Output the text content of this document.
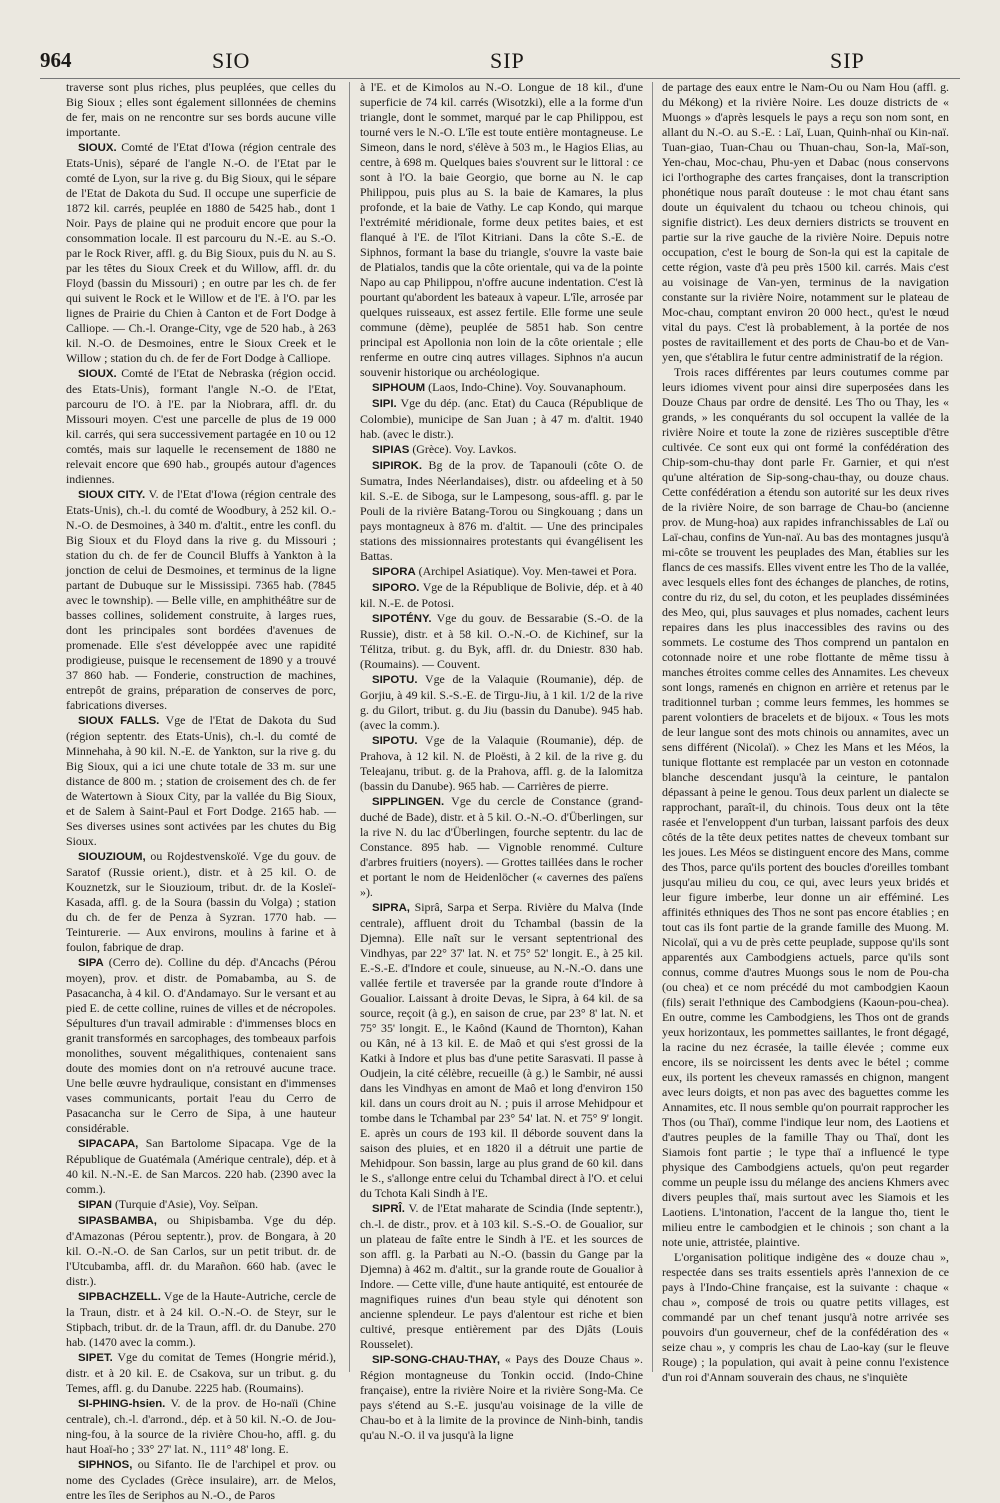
964	SIO	SIP	SIP

traverse sont plus riches, plus peuplées, que celles du Big Sioux ; elles sont également sillonnées de chemins de fer, mais on ne rencontre sur ses bords aucune ville importante.

SIOUX. Comté de l'Etat d'Iowa (région centrale des Etats-Unis), séparé de l'angle N.-O. de l'Etat par le comté de Lyon, sur la rive g. du Big Sioux, qui le sépare de l'Etat de Dakota du Sud. Il occupe une superficie de 1872 kil. carrés, peuplée en 1880 de 5425 hab., dont 1 Noir. Pays de plaine qui ne produit encore que pour la consommation locale. Il est parcouru du N.-E. au S.-O. par le Rock River, affl. g. du Big Sioux, puis du N. au S. par les têtes du Sioux Creek et du Willow, affl. dr. du Floyd (bassin du Missouri) ; en outre par les ch. de fer qui suivent le Rock et le Willow et de l'E. à l'O. par les lignes de Prairie du Chien à Canton et de Fort Dodge à Calliope. — Ch.-l. Orange-City, vge de 520 hab., à 263 kil. N.-O. de Desmoines, entre le Sioux Creek et le Willow ; station du ch. de fer de Fort Dodge à Calliope.

SIOUX. Comté de l'Etat de Nebraska (région occid. des Etats-Unis), formant l'angle N.-O. de l'Etat, parcouru de l'O. à l'E. par la Niobrara, affl. dr. du Missouri moyen. C'est une parcelle de plus de 19 000 kil. carrés, qui sera successivement partagée en 10 ou 12 comtés, mais sur laquelle le recensement de 1880 ne relevait encore que 690 hab., groupés autour d'agences indiennes.

SIOUX CITY. V. de l'Etat d'Iowa (région centrale des Etats-Unis), ch.-l. du comté de Woodbury, à 252 kil. O.-N.-O. de Desmoines, à 340 m. d'altit., entre les confl. du Big Sioux et du Floyd dans la rive g. du Missouri ; station du ch. de fer de Council Bluffs à Yankton à la jonction de celui de Desmoines, et terminus de la ligne partant de Dubuque sur le Mississipi. 7365 hab. (7845 avec le township). — Belle ville, en amphithéâtre sur de basses collines, solidement construite, à larges rues, dont les principales sont bordées d'avenues de promenade. Elle s'est développée avec une rapidité prodigieuse, puisque le recensement de 1890 y a trouvé 37 860 hab. — Fonderie, construction de machines, entrepôt de grains, préparation de conserves de porc, fabrications diverses.

SIOUX FALLS. Vge de l'Etat de Dakota du Sud (région septentr. des Etats-Unis), ch.-l. du comté de Minnehaha, à 90 kil. N.-E. de Yankton, sur la rive g. du Big Sioux, qui a ici une chute totale de 33 m. sur une distance de 800 m. ; station de croisement des ch. de fer de Watertown à Sioux City, par la vallée du Big Sioux, et de Salem à Saint-Paul et Fort Dodge. 2165 hab. — Ses diverses usines sont activées par les chutes du Big Sioux.

SIOUZIOUM, ou Rojdestvenskoïé. Vge du gouv. de Saratof (Russie orient.), distr. et à 25 kil. O. de Kouznetzk, sur le Siouzioum, tribut. dr. de la Kosleï-Kasada, affl. g. de la Soura (bassin du Volga) ; station du ch. de fer de Penza à Syzran. 1770 hab. — Teinturerie. — Aux environs, moulins à farine et à foulon, fabrique de drap.

SIPA (Cerro de). Colline du dép. d'Ancachs (Pérou moyen), prov. et distr. de Pomabamba, au S. de Pasacancha, à 4 kil. O. d'Andamayo. Sur le versant et au pied E. de cette colline, ruines de villes et de nécropoles. Sépultures d'un travail admirable : d'immenses blocs en granit transformés en sarcophages, des tombeaux parfois monolithes, souvent mégalithiques, contenaient sans doute des momies dont on n'a retrouvé aucune trace. Une belle œuvre hydraulique, consistant en d'immenses vases communicants, portait l'eau du Cerro de Pasacancha sur le Cerro de Sipa, à une hauteur considérable.

SIPACAPA, San Bartolome Sipacapa. Vge de la République de Guatémala (Amérique centrale), dép. et à 40 kil. N.-N.-E. de San Marcos. 220 hab. (2390 avec la comm.).

SIPAN (Turquie d'Asie), Voy. Seïpan.

SIPASBAMBA, ou Shipisbamba. Vge du dép. d'Amazonas (Pérou septentr.), prov. de Bongara, à 20 kil. O.-N.-O. de San Carlos, sur un petit tribut. dr. de l'Utcubamba, affl. dr. du Marañon. 660 hab. (avec le distr.).

SIPBACHZELL. Vge de la Haute-Autriche, cercle de la Traun, distr. et à 24 kil. O.-N.-O. de Steyr, sur le Stipbach, tribut. dr. de la Traun, affl. dr. du Danube. 270 hab. (1470 avec la comm.).

SIPET. Vge du comitat de Temes (Hongrie mérid.), distr. et à 20 kil. E. de Csakova, sur un tribut. g. du Temes, affl. g. du Danube. 2225 hab. (Roumains).

SI-PHING-hsien. V. de la prov. de Ho-naïi (Chine centrale), ch.-l. d'arrond., dép. et à 50 kil. N.-O. de Jou-ning-fou, à la source de la rivière Chou-ho, affl. g. du haut Hoaï-ho ; 33° 27' lat. N., 111° 48' long. E.

SIPHNOS, ou Sifanto. Ile de l'archipel et prov. ou nome des Cyclades (Grèce insulaire), arr. de Melos, entre les îles de Seriphos au N.-O., de Paros

à l'E. et de Kimolos au N.-O. Longue de 18 kil., d'une superficie de 74 kil. carrés (Wisotzki), elle a la forme d'un triangle, dont le sommet, marqué par le cap Philippou, est tourné vers le N.-O. L'île est toute entière montagneuse. Le Simeon, dans le nord, s'élève à 503 m., le Hagios Elias, au centre, à 698 m. Quelques baies s'ouvrent sur le littoral : ce sont à l'O. la baie Georgio, que borne au N. le cap Philippou, puis plus au S. la baie de Kamares, la plus profonde, et la baie de Vathy. Le cap Kondo, qui marque l'extrémité méridionale, forme deux petites baies, et est flanqué à l'E. de l'îlot Kitriani. Dans la côte S.-E. de Siphnos, formant la base du triangle, s'ouvre la vaste baie de Platialos, tandis que la côte orientale, qui va de la pointe Napo au cap Philippou, n'offre aucune indentation. C'est là pourtant qu'abordent les bateaux à vapeur. L'île, arrosée par quelques ruisseaux, est assez fertile. Elle forme une seule commune (dème), peuplée de 5851 hab. Son centre principal est Apollonia non loin de la côte orientale ; elle renferme en outre cinq autres villages. Siphnos n'a aucun souvenir historique ou archéologique.

SIPHOUM (Laos, Indo-Chine). Voy. Souvanaphoum.

SIPI. Vge du dép. (anc. Etat) du Cauca (République de Colombie), municipe de San Juan ; à 47 m. d'altit. 1940 hab. (avec le distr.).

SIPIAS (Grèce). Voy. Lavkos.

SIPIROK. Bg de la prov. de Tapanouli (côte O. de Sumatra, Indes Néerlandaises), distr. ou afdeeling et à 50 kil. S.-E. de Siboga, sur le Lampesong, sous-affl. g. par le Pouli de la rivière Batang-Torou ou Singkouang ; dans un pays montagneux à 876 m. d'altit. — Une des principales stations des missionnaires protestants qui évangélisent les Battas.

SIPORA (Archipel Asiatique). Voy. Men-tawei et Pora.

SIPORO. Vge de la République de Bolivie, dép. et à 40 kil. N.-E. de Potosi.

SIPOTÉNY. Vge du gouv. de Bessarabie (S.-O. de la Russie), distr. et à 58 kil. O.-N.-O. de Kichinef, sur la Télitza, tribut. g. du Byk, affl. dr. du Dniestr. 830 hab. (Roumains). — Couvent.

SIPOTU. Vge de la Valaquie (Roumanie), dép. de Gorjiu, à 49 kil. S.-S.-E. de Tirgu-Jiu, à 1 kil. 1/2 de la rive g. du Gilort, tribut. g. du Jiu (bassin du Danube). 945 hab. (avec la comm.).

SIPOTU. Vge de la Valaquie (Roumanie), dép. de Prahova, à 12 kil. N. de Ploësti, à 2 kil. de la rive g. du Teleajanu, tribut. g. de la Prahova, affl. g. de la Ialomitza (bassin du Danube). 965 hab. — Carrières de pierre.

SIPPLINGEN. Vge du cercle de Constance (grand-duché de Bade), distr. et à 5 kil. O.-N.-O. d'Überlingen, sur la rive N. du lac d'Überlingen, fourche septentr. du lac de Constance. 895 hab. — Vignoble renommé. Culture d'arbres fruitiers (noyers). — Grottes taillées dans le rocher et portant le nom de Heidenlöcher (« cavernes des païens »).

SIPRA, Siprâ, Sarpa et Serpa. Rivière du Malva (Inde centrale), affluent droit du Tchambal (bassin de la Djemna). Elle naît sur le versant septentrional des Vindhyas, par 22° 37' lat. N. et 75° 52' longit. E., à 25 kil. E.-S.-E. d'Indore et coule, sinueuse, au N.-N.-O. dans une vallée fertile et traversée par la grande route d'Indore à Goualior. Laissant à droite Devas, le Sipra, à 64 kil. de sa source, reçoit (à g.), en saison de crue, par 23° 8' lat. N. et 75° 35' longit. E., le Kaônd (Kaund de Thornton), Kahan ou Kân, né à 13 kil. E. de Maô et qui s'est grossi de la Katki à Indore et plus bas d'une petite Sarasvati. Il passe à Oudjein, la cité célèbre, recueille (à g.) le Sambir, né aussi dans les Vindhyas en amont de Maô et long d'environ 150 kil. dans un cours droit au N. ; puis il arrose Mehidpour et tombe dans le Tchambal par 23° 54' lat. N. et 75° 9' longit. E. après un cours de 193 kil. Il déborde souvent dans la saison des pluies, et en 1820 il a détruit une partie de Mehidpour. Son bassin, large au plus grand de 60 kil. dans le S., s'allonge entre celui du Tchambal direct à l'O. et celui du Tchota Kali Sindh à l'E.

SIPRÎ. V. de l'Etat maharate de Scindia (Inde septentr.), ch.-l. de distr., prov. et à 103 kil. S.-S.-O. de Goualior, sur un plateau de faîte entre le Sindh à l'E. et les sources de son affl. g. la Parbati au N.-O. (bassin du Gange par la Djemna) à 462 m. d'altit., sur la grande route de Goualior à Indore. — Cette ville, d'une haute antiquité, est entourée de magnifiques ruines d'un beau style qui dénotent son ancienne splendeur. Le pays d'alentour est riche et bien cultivé, presque entièrement par des Djâts (Louis Rousselet).

SIP-SONG-CHAU-THAY, « Pays des Douze Chaus ». Région montagneuse du Tonkin occid. (Indo-Chine française), entre la rivière Noire et la rivière Song-Ma. Ce pays s'étend au S.-E. jusqu'au voisinage de la ville de Chau-bo et à la limite de la province de Ninh-binh, tandis qu'au N.-O. il va jusqu'à la ligne

de partage des eaux entre le Nam-Ou ou Nam Hou (affl. g. du Mékong) et la rivière Noire. Les douze districts de « Muongs » d'après lesquels le pays a reçu son nom sont, en allant du N.-O. au S.-E. : Laï, Luan, Quinh-nhaï ou Kin-naï. Tuan-giao, Tuan-Chau ou Thuan-chau, Son-la, Maï-son, Yen-chau, Moc-chau, Phu-yen et Dabac (nous conservons ici l'orthographe des cartes françaises, dont la transcription phonétique nous paraît douteuse : le mot chau étant sans doute un équivalent du tchaou ou tcheou chinois, qui signifie district). Les deux derniers districts se trouvent en partie sur la rive gauche de la rivière Noire. Depuis notre occupation, c'est le bourg de Son-la qui est la capitale de cette région, vaste d'à peu près 1500 kil. carrés. Mais c'est au voisinage de Van-yen, terminus de la navigation constante sur la rivière Noire, notamment sur le plateau de Moc-chau, comptant environ 20 000 hect., qu'est le nœud vital du pays. C'est là probablement, à la portée de nos postes de ravitaillement et des ports de Chau-bo et de Van-yen, que s'établira le futur centre administratif de la région.

Trois races différentes par leurs coutumes comme par leurs idiomes vivent pour ainsi dire superposées dans les Douze Chaus par ordre de densité. Les Tho ou Thay, les « grands, » les conquérants du sol occupent la vallée de la rivière Noire et toute la zone de rizières susceptible d'être cultivée. Ce sont eux qui ont formé la confédération des Chip-som-chu-thay dont parle Fr. Garnier, et qui n'est qu'une altération de Sip-song-chau-thay, ou douze chaus. Cette confédération a étendu son autorité sur les deux rives de la rivière Noire, de son barrage de Chau-bo (ancienne prov. de Mung-hoa) aux rapides infranchissables de Laï ou Laï-chau, confins de Yun-naï. Au bas des montagnes jusqu'à mi-côte se trouvent les peuplades des Man, établies sur les flancs de ces massifs. Elles vivent entre les Tho de la vallée, avec lesquels elles font des échanges de planches, de rotins, contre du riz, du sel, du coton, et les peuplades disséminées des Meo, qui, plus sauvages et plus nomades, cachent leurs repaires dans les plus inaccessibles des ravins ou des sommets. Le costume des Thos comprend un pantalon en cotonnade noire et une robe flottante de même tissu à manches étroites comme celles des Annamites. Les cheveux sont longs, ramenés en chignon en arrière et retenus par le traditionnel turban ; comme leurs femmes, les hommes se parent volontiers de bracelets et de bijoux. « Tous les mots de leur langue sont des mots chinois ou annamites, avec un sens différent (Nicolaï). » Chez les Mans et les Méos, la tunique flottante est remplacée par un veston en cotonnade blanche descendant jusqu'à la ceinture, le pantalon dépassant à peine le genou. Tous deux parlent un dialecte se rapprochant, paraît-il, du chinois. Tous deux ont la tête rasée et l'enveloppent d'un turban, laissant parfois des deux côtés de la tête deux petites nattes de cheveux tombant sur les joues. Les Méos se distinguent encore des Mans, comme des Thos, parce qu'ils portent des boucles d'oreilles tombant jusqu'au milieu du cou, ce qui, avec leurs yeux bridés et leur figure imberbe, leur donne un air efféminé. Les affinités ethniques des Thos ne sont pas encore établies ; en tout cas ils font partie de la grande famille des Muong. M. Nicolaï, qui a vu de près cette peuplade, suppose qu'ils sont apparentés aux Cambodgiens actuels, parce qu'ils sont connus, comme d'autres Muongs sous le nom de Pou-cha (ou chea) et ce nom précédé du mot cambodgien Kaoun (fils) serait l'ethnique des Cambodgiens (Kaoun-pou-chea). En outre, comme les Cambodgiens, les Thos ont de grands yeux horizontaux, les pommettes saillantes, le front dégagé, la racine du nez écrasée, la taille élevée ; comme eux encore, ils se noircissent les dents avec le bétel ; comme eux, ils portent les cheveux ramassés en chignon, mangent avec leurs doigts, et non pas avec des baguettes comme les Annamites, etc. Il nous semble qu'on pourrait rapprocher les Thos (ou Thaï), comme l'indique leur nom, des Laotiens et d'autres peuples de la famille Thay ou Thaï, dont les Siamois font partie ; le type thaï a influencé le type physique des Cambodgiens actuels, qu'on peut regarder comme un peuple issu du mélange des anciens Khmers avec divers peuples thaï, mais surtout avec les Siamois et les Laotiens. L'intonation, l'accent de la langue tho, tient le milieu entre le cambodgien et le chinois ; son chant a la note unie, attristée, plaintive.

L'organisation politique indigène des « douze chau », respectée dans ses traits essentiels après l'annexion de ce pays à l'Indo-Chine française, est la suivante : chaque « chau », composé de trois ou quatre petits villages, est commandé par un chef tenant jusqu'à notre arrivée ses pouvoirs d'un gouverneur, chef de la confédération des « seize chau », y compris les chau de Lao-kay (sur le fleuve Rouge) ; la population, qui avait à peine connu l'existence d'un roi d'Annam souverain des chaus, ne s'inquiète
